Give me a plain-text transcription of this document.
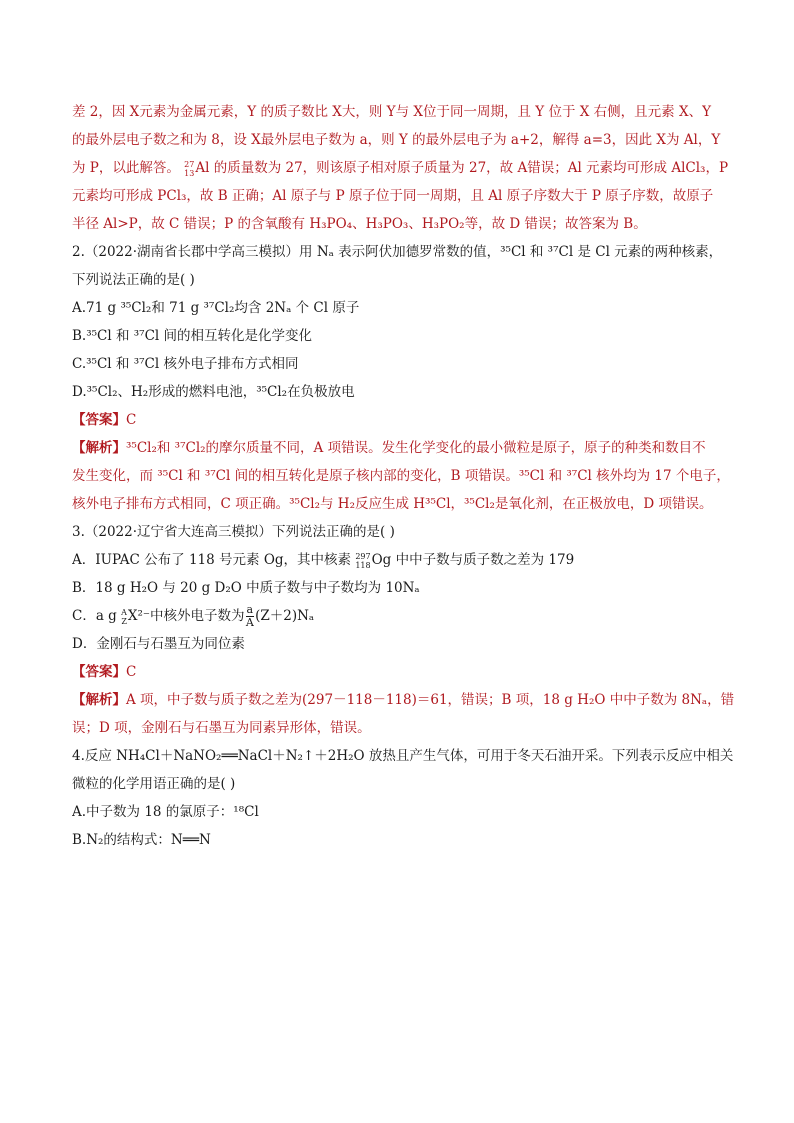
差 2，因 X元素为金属元素，Y 的质子数比 X大，则 Y与 X位于同一周期，且 Y 位于 X 右侧，且元素 X、Y
的最外层电子数之和为 8，设 X最外层电子数为 a，则 Y 的最外层电子为 a+2，解得 a=3，因此 X为 Al，Y
为 P，以此解答。 27
13 Al 的质量数为 27，则该原子相对原子质量为 27，故 A错误；Al 元素均可形成 AlCl₃，P
元素均可形成 PCl₃，故 B 正确；Al 原子与 P 原子位于同一周期，且 Al 原子序数大于 P 原子序数，故原子
半径 Al>P，故 C 错误；P 的含氧酸有 H₃PO₄、H₃PO₃、H₃PO₂等，故 D 错误；故答案为 B。
2.（2022·湖南省长郡中学高三模拟）用 Nₐ 表示阿伏加德罗常数的值，³⁵Cl 和 ³⁷Cl 是 Cl 元素的两种核素，
下列说法正确的是( )
A.71 g ³⁵Cl₂和 71 g ³⁷Cl₂均含 2Nₐ 个 Cl 原子
B.³⁵Cl 和 ³⁷Cl 间的相互转化是化学变化
C.³⁵Cl 和 ³⁷Cl 核外电子排布方式相同
D.³⁵Cl₂、H₂形成的燃料电池，³⁵Cl₂在负极放电
【答案】C
【解析】³⁵Cl₂和 ³⁷Cl₂的摩尔质量不同，A 项错误。发生化学变化的最小微粒是原子，原子的种类和数目不
发生变化，而 ³⁵Cl 和 ³⁷Cl 间的相互转化是原子核内部的变化，B 项错误。³⁵Cl 和 ³⁷Cl 核外均为 17 个电子，
核外电子排布方式相同，C 项正确。³⁵Cl₂与 H₂反应生成 H³⁵Cl，³⁵Cl₂是氧化剂，在正极放电，D 项错误。
3.（2022·辽宁省大连高三模拟）下列说法正确的是( )
A．IUPAC 公布了 118 号元素 Og，其中核素 297
118 Og 中中子数与质子数之差为 179
B．18 g H₂O 与 20 g D₂O 中质子数与中子数均为 10Nₐ
C．a g A
Z X²⁻中核外电子数为 $\frac{a}{A} (Z+2)N_a$
D．金刚石与石墨互为同位素
【答案】C
【解析】A 项，中子数与质子数之差为(297－118－118)＝61，错误；B 项，18 g H₂O 中中子数为 8Nₐ，错
误；D 项，金刚石与石墨互为同素异形体，错误。
4.反应 NH₄Cl＋NaNO₂══NaCl＋N₂↑＋2H₂O 放热且产生气体，可用于冬天石油开采。下列表示反应中相关
微粒的化学用语正确的是( )
A.中子数为 18 的氯原子：¹⁸Cl
B.N₂的结构式：N══N
